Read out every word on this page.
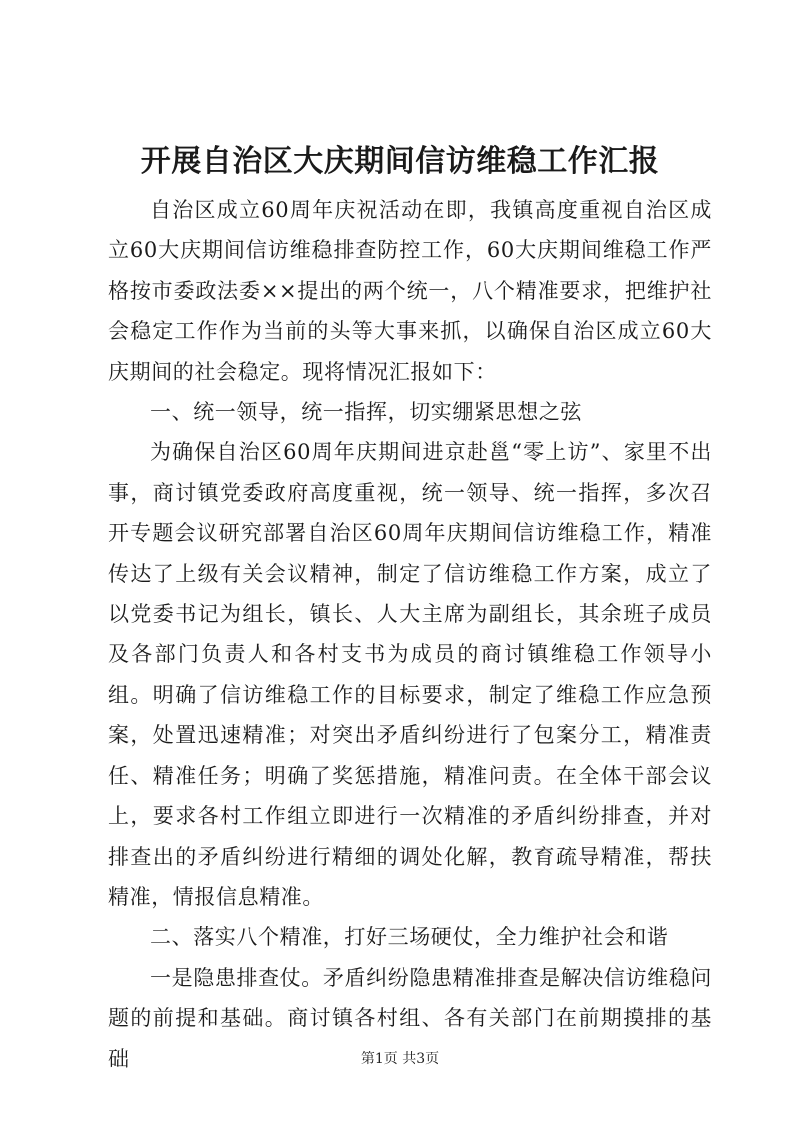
开展自治区大庆期间信访维稳工作汇报

自治区成立60周年庆祝活动在即，我镇高度重视自治区成立60大庆期间信访维稳排查防控工作，60大庆期间维稳工作严格按市委政法委××提出的两个统一，八个精准要求，把维护社会稳定工作作为当前的头等大事来抓，以确保自治区成立60大庆期间的社会稳定。现将情况汇报如下：

一、统一领导，统一指挥，切实绷紧思想之弦

为确保自治区60周年庆期间进京赴邕“零上访”、家里不出事，商讨镇党委政府高度重视，统一领导、统一指挥，多次召开专题会议研究部署自治区60周年庆期间信访维稳工作，精准传达了上级有关会议精神，制定了信访维稳工作方案，成立了以党委书记为组长，镇长、人大主席为副组长，其余班子成员及各部门负责人和各村支书为成员的商讨镇维稳工作领导小组。明确了信访维稳工作的目标要求，制定了维稳工作应急预案，处置迅速精准；对突出矛盾纠纷进行了包案分工，精准责任、精准任务；明确了奖惩措施，精准问责。在全体干部会议上，要求各村工作组立即进行一次精准的矛盾纠纷排查，并对排查出的矛盾纠纷进行精细的调处化解，教育疏导精准，帮扶精准，情报信息精准。

二、落实八个精准，打好三场硬仗，全力维护社会和谐

一是隐患排查仗。矛盾纠纷隐患精准排查是解决信访维稳问题的前提和基础。商讨镇各村组、各有关部门在前期摸排的基础	第1页 共3页
